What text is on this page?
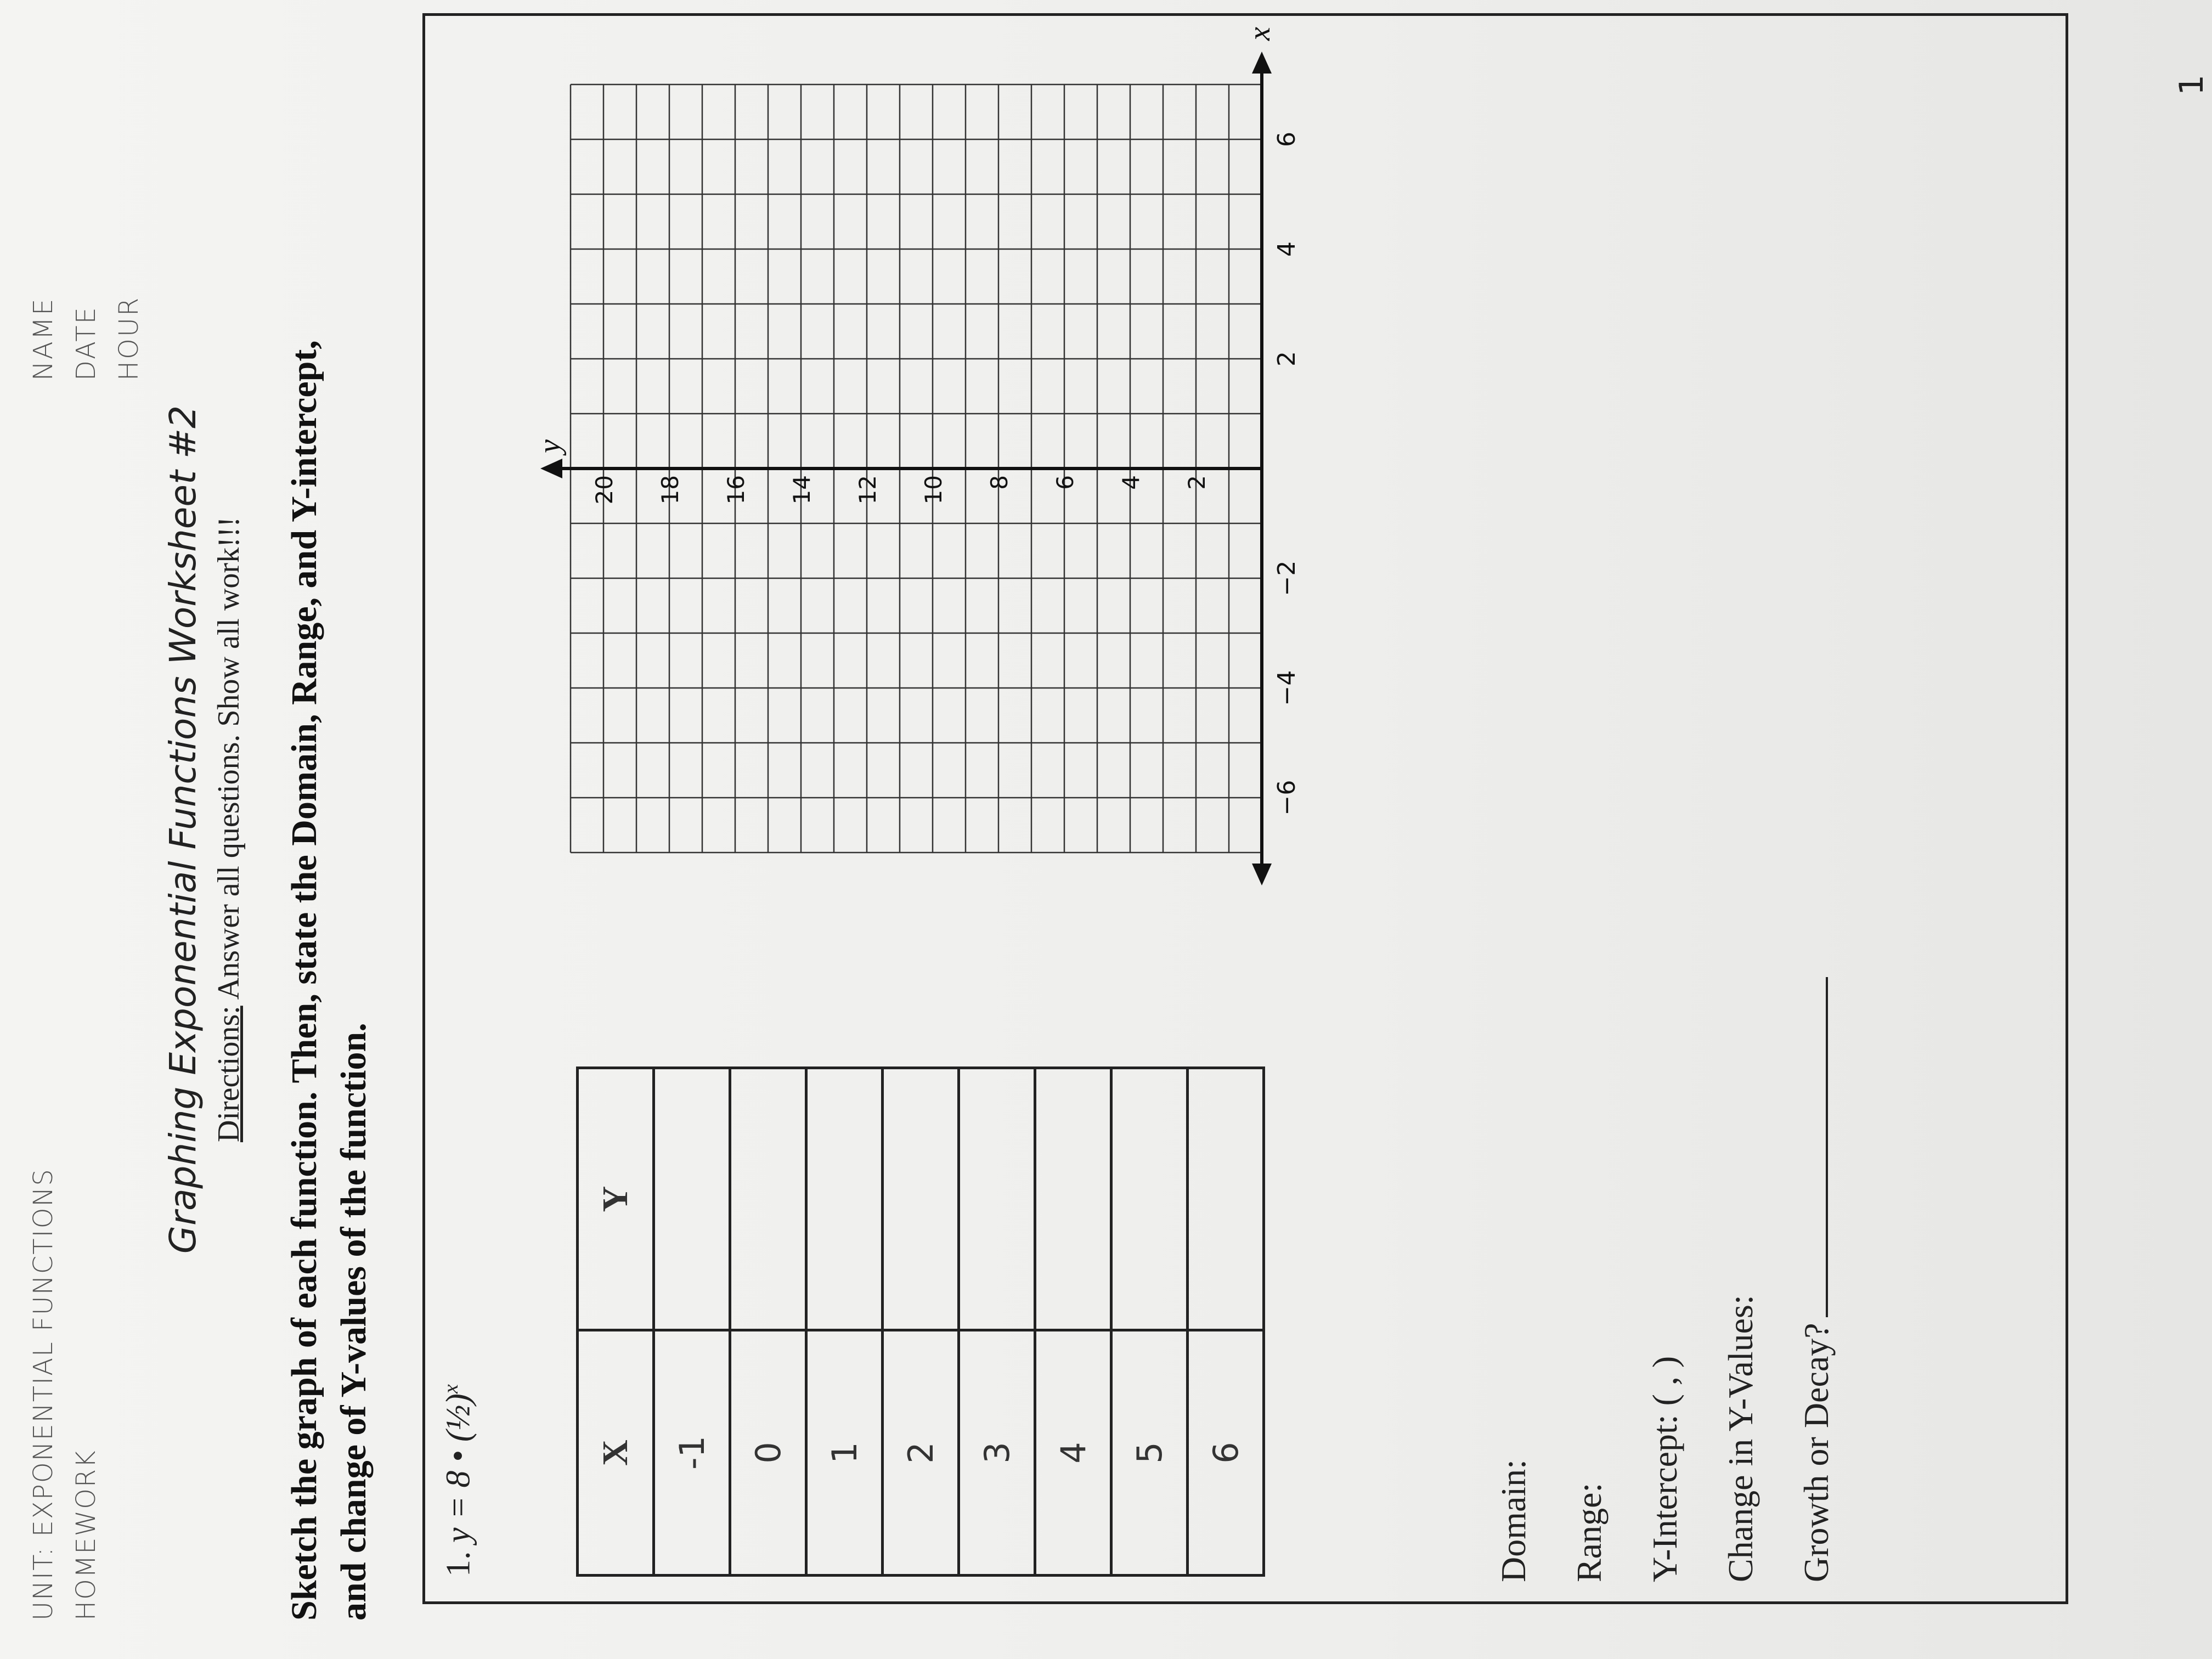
UNIT: EXPONENTIAL FUNCTIONS HOMEWORK
NAME DATE HOUR
Graphing Exponential Functions Worksheet #2 Directions: Answer all questions. Show all work!!! Sketch the graph of each function. Then, state the Domain, Range, and Y-intercept, and change of Y-values of the function. 1. y = 8 • (½)$^x$
X	Y
-1	
0	
1	
2	
3	
4	
5	
6	
−6
−4
−2
2
4
6
2
4
6
8
10
12
14
16
18
20
x
y
Domain:	Range:	Y-Intercept: ( , )	Change in Y-Values:	Growth or Decay?
1
